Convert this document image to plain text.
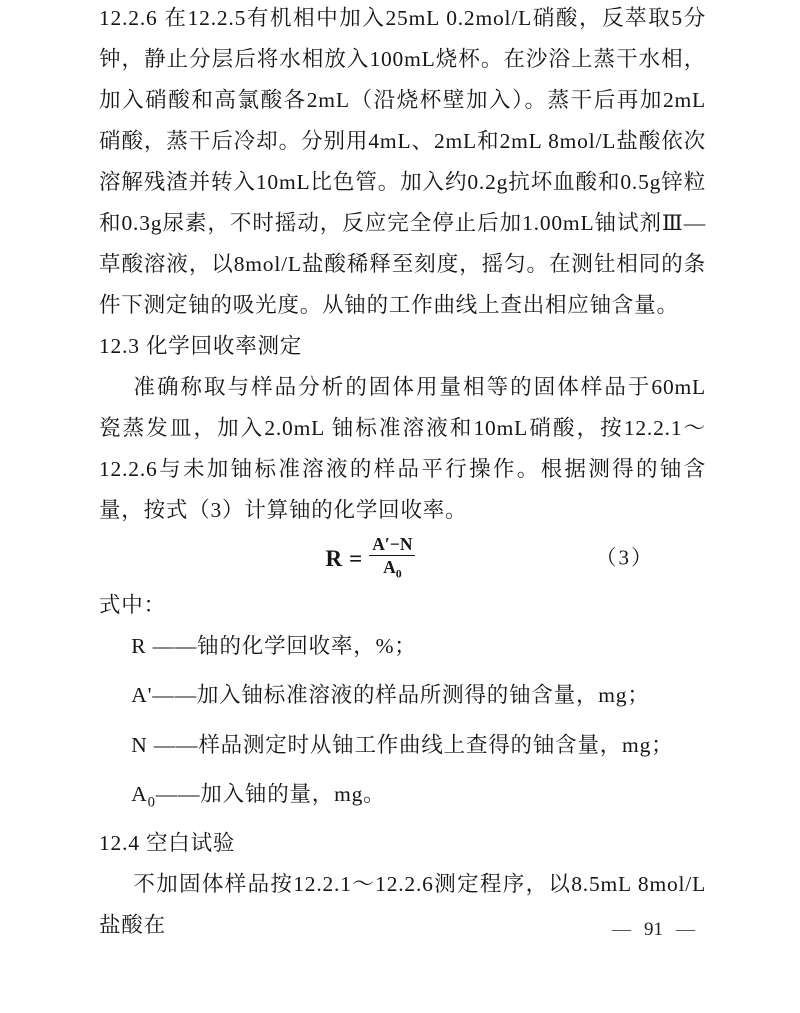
12.2.6 在12.2.5有机相中加入25mL 0.2mol/L硝酸，反萃取5分钟，静止分层后将水相放入100mL烧杯。在沙浴上蒸干水相，加入硝酸和高氯酸各2mL（沿烧杯壁加入）。蒸干后再加2mL硝酸，蒸干后冷却。分别用4mL、2mL和2mL 8mol/L盐酸依次溶解残渣并转入10mL比色管。加入约0.2g抗坏血酸和0.5g锌粒和0.3g尿素，不时摇动，反应完全停止后加1.00mL铀试剂Ⅲ—草酸溶液，以8mol/L盐酸稀释至刻度，摇匀。在测钍相同的条件下测定铀的吸光度。从铀的工作曲线上查出相应铀含量。

12.3 化学回收率测定

准确称取与样品分析的固体用量相等的固体样品于60mL 瓷蒸发皿，加入2.0mL 铀标准溶液和10mL硝酸，按12.2.1～12.2.6与未加铀标准溶液的样品平行操作。根据测得的铀含量，按式（3）计算铀的化学回收率。

$R = \frac{A'-N}{A_0}$	（3）

式中：

R ——铀的化学回收率，%；

A'——加入铀标准溶液的样品所测得的铀含量，mg；

N ——样品测定时从铀工作曲线上查得的铀含量，mg；

$A_0——$加入铀的量，mg。

12.4 空白试验

不加固体样品按12.2.1～12.2.6测定程序，以8.5mL 8mol/L盐酸在	— 91 —
